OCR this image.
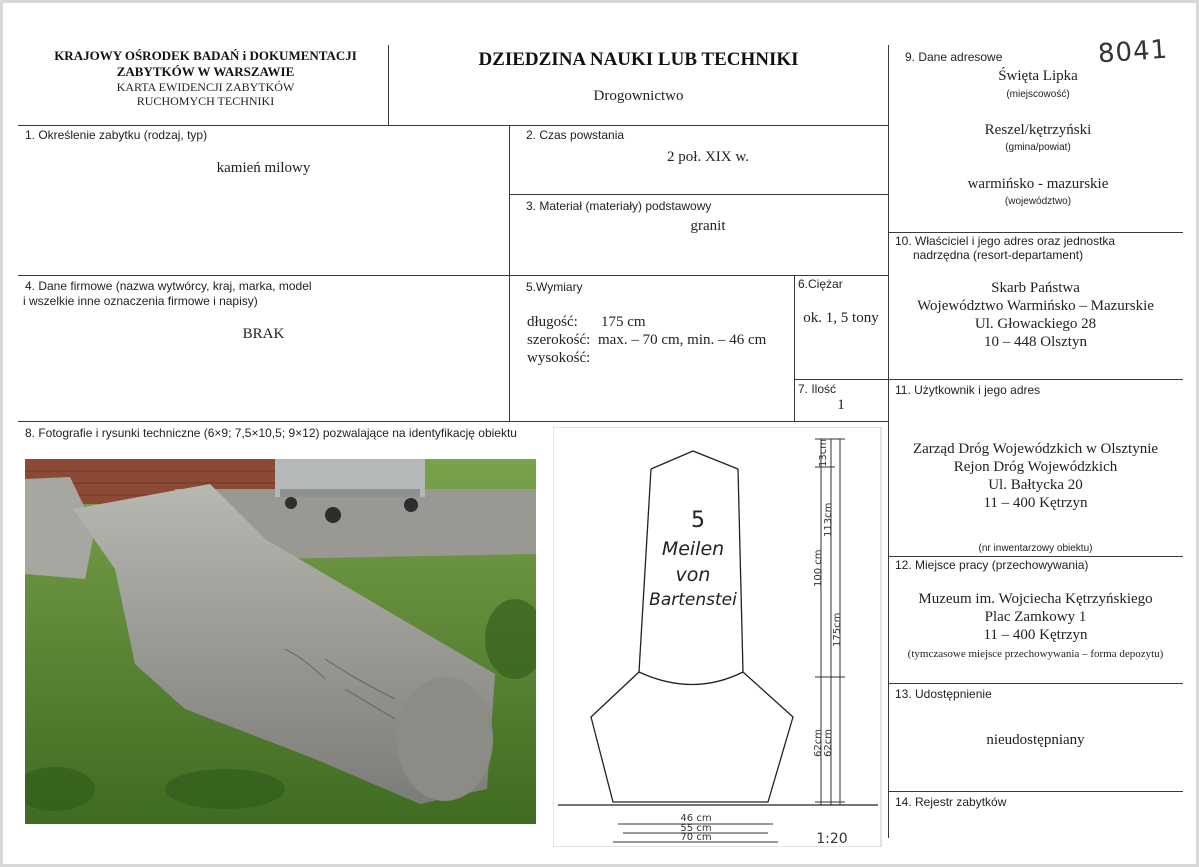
KRAJOWY OŚRODEK BADAŃ i DOKUMENTACJI
ZABYTKÓW W WARSZAWIE
KARTA EWIDENCJI ZABYTKÓW
RUCHOMYCH TECHNIKI
DZIEDZINA NAUKI LUB TECHNIKI
Drogownictwo
8041
1. Określenie zabytku (rodzaj, typ)
kamień milowy
2. Czas powstania
2 poł. XIX w.
3. Materiał (materiały) podstawowy
granit
4. Dane firmowe (nazwa wytwórcy, kraj, marka, model
i wszelkie inne oznaczenia firmowe i napisy)
BRAK
5.Wymiary
długość: 175 cm
szerokość: max. – 70 cm, min. – 46 cm
wysokość:
6.Ciężar
ok. 1, 5 tony
7. Ilość
1
8. Fotografie i rysunki techniczne (6×9; 7,5×10,5; 9×12) pozwalające na identyfikację obiektu
5
Meilen
von
Bartenstei
13cm
100 cm
113cm
175cm
62cm 62cm
46 cm
55 cm
70 cm	1:20
9. Dane adresowe
Święta Lipka
(miejscowość)
Reszel/kętrzyński
(gmina/powiat)
warmińsko - mazurskie
(województwo)
10. Właściciel i jego adres oraz jednostka
nadrzędna (resort-departament)
Skarb Państwa
Województwo Warmińsko – Mazurskie
Ul. Głowackiego 28
10 – 448 Olsztyn
11. Użytkownik i jego adres
Zarząd Dróg Wojewódzkich w Olsztynie
Rejon Dróg Wojewódzkich
Ul. Bałtycka 20
11 – 400 Kętrzyn
(nr inwentarzowy obiektu)
12. Miejsce pracy (przechowywania)
Muzeum im. Wojciecha Kętrzyńskiego
Plac Zamkowy 1
11 – 400 Kętrzyn
(tymczasowe miejsce przechowywania – forma depozytu)
13. Udostępnienie
nieudostępniany
14. Rejestr zabytków
